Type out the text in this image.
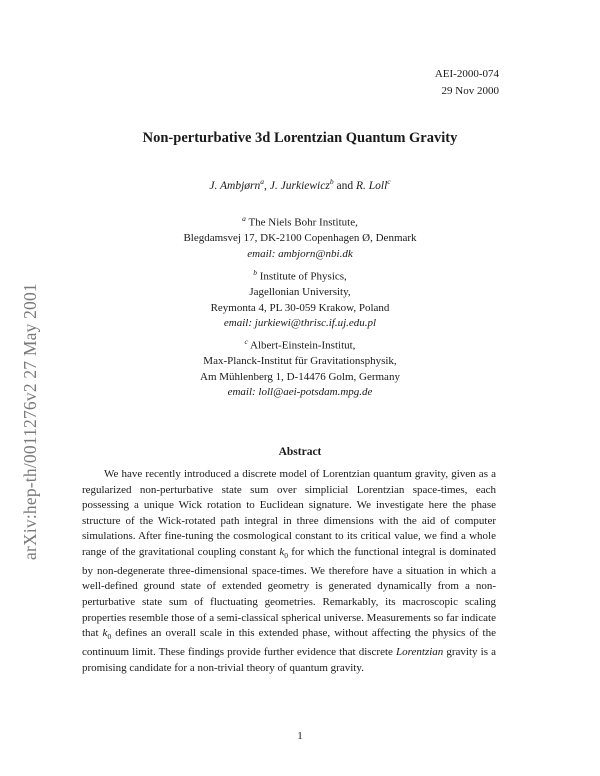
arXiv:hep-th/0011276v2 27 May 2001
AEI-2000-074
29 Nov 2000
Non-perturbative 3d Lorentzian Quantum Gravity
J. Ambjørn$^a$, J. Jurkiewicz$^b$ and R. Loll$^c$
$^a$ The Niels Bohr Institute,
Blegdamsvej 17, DK-2100 Copenhagen Ø, Denmark
email: ambjorn@nbi.dk
$^b$ Institute of Physics,
Jagellonian University,
Reymonta 4, PL 30-059 Krakow, Poland
email: jurkiewi@thrisc.if.uj.edu.pl
$^c$ Albert-Einstein-Institut,
Max-Planck-Institut für Gravitationsphysik,
Am Mühlenberg 1, D-14476 Golm, Germany
email: loll@aei-potsdam.mpg.de
Abstract

We have recently introduced a discrete model of Lorentzian quantum gravity, given as a regularized non-perturbative state sum over simplicial Lorentzian space-times, each possessing a unique Wick rotation to Euclidean signature. We investigate here the phase structure of the Wick-rotated path integral in three dimensions with the aid of computer simulations. After fine-tuning the cosmological constant to its critical value, we find a whole range of the gravitational coupling constant $k_0$ for which the functional integral is dominated by non-degenerate three-dimensional space-times. We therefore have a situation in which a well-defined ground state of extended geometry is generated dynamically from a non-perturbative state sum of fluctuating geometries. Remarkably, its macroscopic scaling properties resemble those of a semi-classical spherical universe. Measurements so far indicate that $k_0$ defines an overall scale in this extended phase, without affecting the physics of the continuum limit. These findings provide further evidence that discrete Lorentzian gravity is a promising candidate for a non-trivial theory of quantum gravity.

1
